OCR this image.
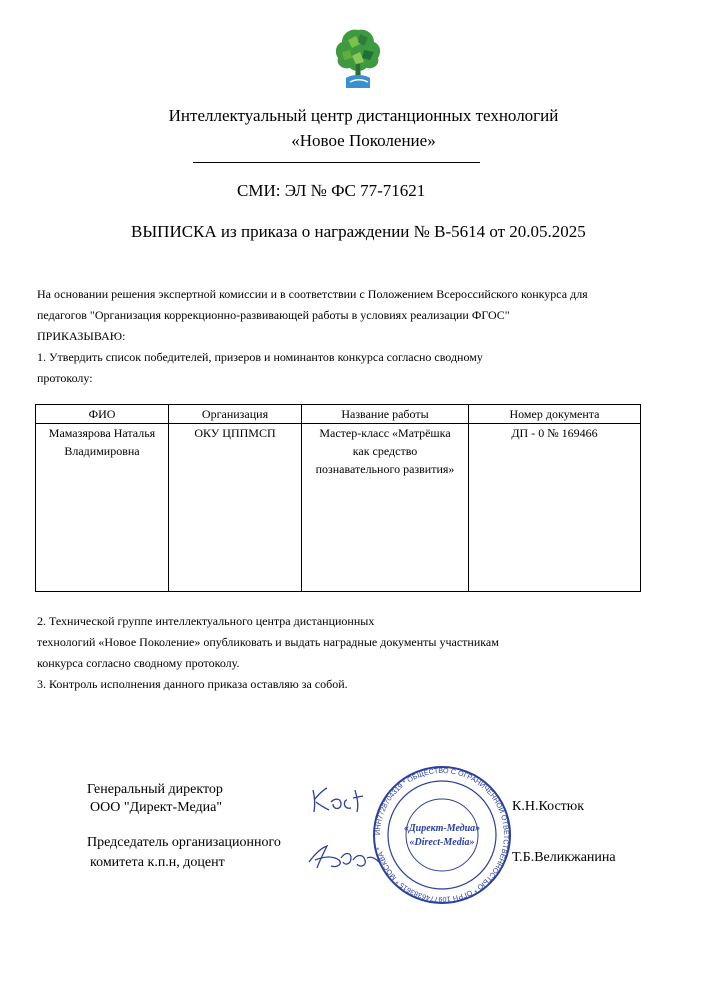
Интеллектуальный центр дистанционных технологий
«Новое Поколение»
СМИ: ЭЛ № ФС 77-71621
ВЫПИСКА из приказа о награждении № В-5614 от 20.05.2025
На основании решения экспертной комиссии и в соответствии с Положением Всероссийского конкурса для
педагогов "Организация коррекционно-развивающей работы в условиях реализации ФГОС"
ПРИКАЗЫВАЮ:
1. Утвердить список победителей, призеров и номинантов конкурса согласно сводному
протоколу:
ФИО	Организация	Название работы	Номер документа
Мамазярова Наталья
Владимировна	ОКУ ЦППМСП	Мастер-класс «Матрёшка
как средство
познавательного развития»	ДП - 0 № 169466
2. Технической группе интеллектуального центра дистанционных
технологий «Новое Поколение» опубликовать и выдать наградные документы участникам
конкурса согласно сводному протоколу.
3. Контроль исполнения данного приказа оставляю за собой.
Генеральный директор
ООО "Директ-Медиа"
Председатель организационного
комитета к.п.н, доцент
ИНН7728704319 * ОБЩЕСТВО С ОГРАНИЧЕННОЙ ОТВЕТСТВЕННОСТЬЮ * ОГРН 1097746383615 * МОСКВА *
«Директ-Медиа»
«Direct-Media»
К.Н.Костюк
Т.Б.Великжанина
